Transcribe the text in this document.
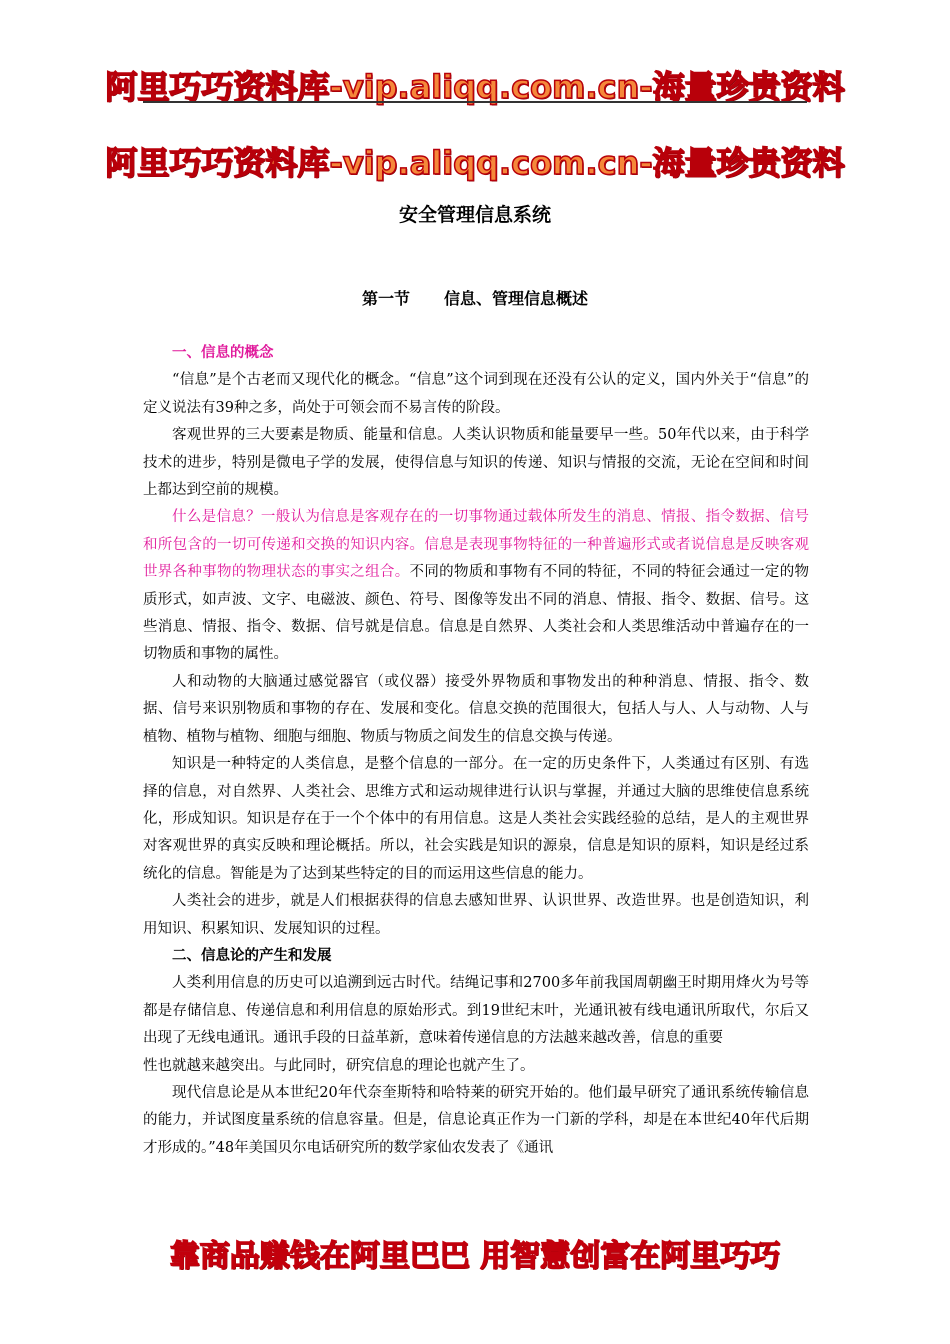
阿里巧巧资料库-vip.aliqq.com.cn-海量珍贵资料
阿里巧巧资料库-vip.aliqq.com.cn-海量珍贵资料
安全管理信息系统
第一节 信息、管理信息概述
一、信息的概念

“信息”是个古老而又现代化的概念。“信息”这个词到现在还没有公认的定义，国内外关于“信息”的定义说法有39种之多，尚处于可领会而不易言传的阶段。

客观世界的三大要素是物质、能量和信息。人类认识物质和能量要早一些。50年代以来，由于科学技术的进步，特别是微电子学的发展，使得信息与知识的传递、知识与情报的交流，无论在空间和时间上都达到空前的规模。

什么是信息？一般认为信息是客观存在的一切事物通过载体所发生的消息、情报、指令数据、信号和所包含的一切可传递和交换的知识内容。信息是表现事物特征的一种普遍形式或者说信息是反映客观世界各种事物的物理状态的事实之组合。不同的物质和事物有不同的特征，不同的特征会通过一定的物质形式，如声波、文字、电磁波、颜色、符号、图像等发出不同的消息、情报、指令、数据、信号。这些消息、情报、指令、数据、信号就是信息。信息是自然界、人类社会和人类思维活动中普遍存在的一切物质和事物的属性。

人和动物的大脑通过感觉器官（或仪器）接受外界物质和事物发出的种种消息、情报、指令、数据、信号来识别物质和事物的存在、发展和变化。信息交换的范围很大，包括人与人、人与动物、人与植物、植物与植物、细胞与细胞、物质与物质之间发生的信息交换与传递。

知识是一种特定的人类信息，是整个信息的一部分。在一定的历史条件下，人类通过有区别、有选择的信息，对自然界、人类社会、思维方式和运动规律进行认识与掌握，并通过大脑的思维使信息系统化，形成知识。知识是存在于一个个体中的有用信息。这是人类社会实践经验的总结，是人的主观世界对客观世界的真实反映和理论概括。所以，社会实践是知识的源泉，信息是知识的原料，知识是经过系统化的信息。智能是为了达到某些特定的目的而运用这些信息的能力。

人类社会的进步，就是人们根据获得的信息去感知世界、认识世界、改造世界。也是创造知识，利用知识、积累知识、发展知识的过程。

二、信息论的产生和发展

人类利用信息的历史可以追溯到远古时代。结绳记事和2700多年前我国周朝幽王时期用烽火为号等都是存储信息、传递信息和利用信息的原始形式。到19世纪末叶，光通讯被有线电通讯所取代，尔后又出现了无线电通讯。通讯手段的日益革新，意味着传递信息的方法越来越改善，信息的重要

性也就越来越突出。与此同时，研究信息的理论也就产生了。

现代信息论是从本世纪20年代奈奎斯特和哈特莱的研究开始的。他们最早研究了通讯系统传输信息的能力，并试图度量系统的信息容量。但是，信息论真正作为一门新的学科，却是在本世纪40年代后期才形成的。”48年美国贝尔电话研究所的数学家仙农发表了《通讯

靠商品赚钱在阿里巴巴 用智慧创富在阿里巧巧
